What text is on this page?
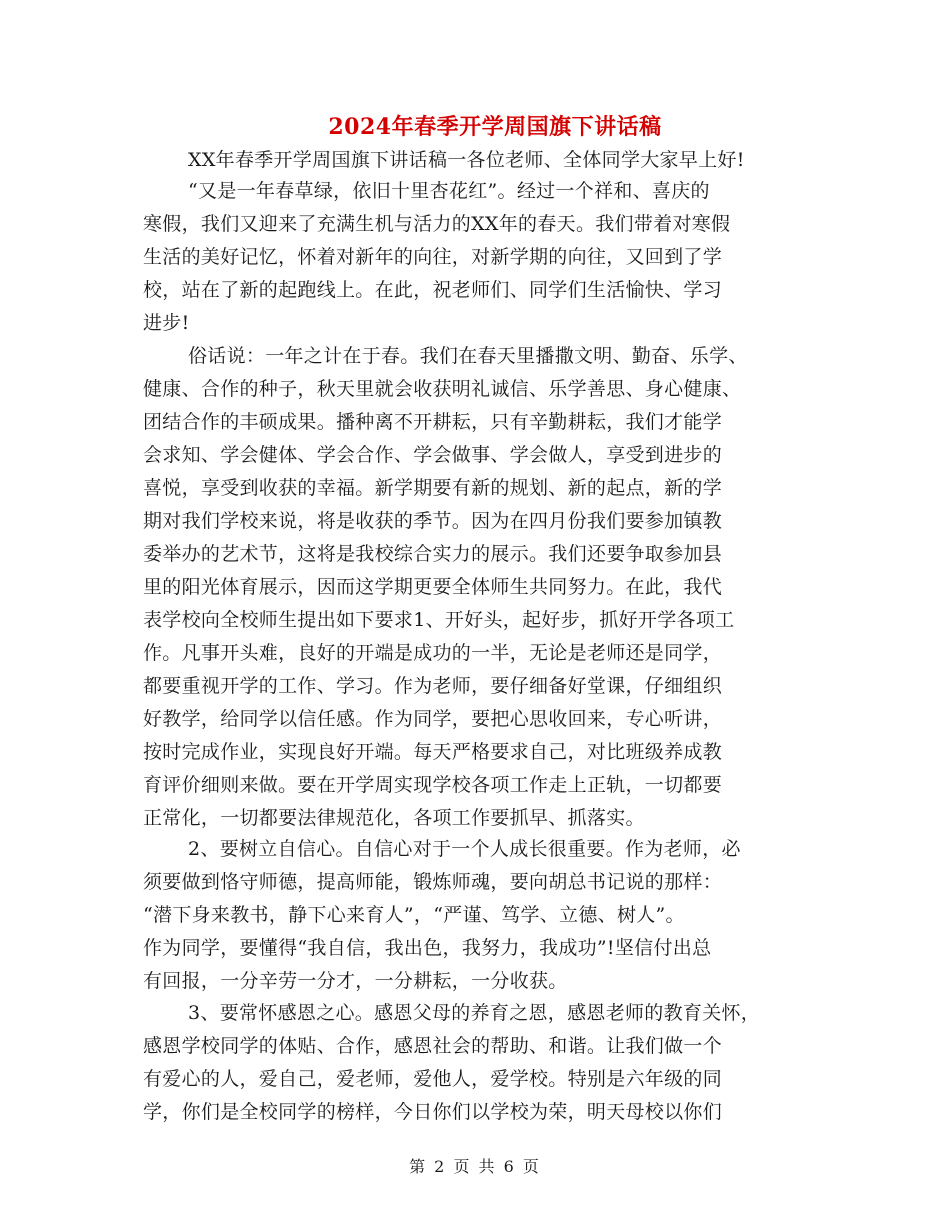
2024年春季开学周国旗下讲话稿
XX年春季开学周国旗下讲话稿一各位老师、全体同学大家早上好!
“又是一年春草绿，依旧十里杏花红”。经过一个祥和、喜庆的
寒假，我们又迎来了充满生机与活力的XX年的春天。我们带着对寒假
生活的美好记忆，怀着对新年的向往，对新学期的向往，又回到了学
校，站在了新的起跑线上。在此，祝老师们、同学们生活愉快、学习
进步!
俗话说：一年之计在于春。我们在春天里播撒文明、勤奋、乐学、
健康、合作的种子，秋天里就会收获明礼诚信、乐学善思、身心健康、
团结合作的丰硕成果。播种离不开耕耘，只有辛勤耕耘，我们才能学
会求知、学会健体、学会合作、学会做事、学会做人，享受到进步的
喜悦，享受到收获的幸福。新学期要有新的规划、新的起点，新的学
期对我们学校来说，将是收获的季节。因为在四月份我们要参加镇教
委举办的艺术节，这将是我校综合实力的展示。我们还要争取参加县
里的阳光体育展示，因而这学期更要全体师生共同努力。在此，我代
表学校向全校师生提出如下要求1、开好头，起好步，抓好开学各项工
作。凡事开头难，良好的开端是成功的一半，无论是老师还是同学，
都要重视开学的工作、学习。作为老师，要仔细备好堂课，仔细组织
好教学，给同学以信任感。作为同学，要把心思收回来，专心听讲，
按时完成作业，实现良好开端。每天严格要求自己，对比班级养成教
育评价细则来做。要在开学周实现学校各项工作走上正轨，一切都要
正常化，一切都要法律规范化，各项工作要抓早、抓落实。
2、要树立自信心。自信心对于一个人成长很重要。作为老师，必
须要做到恪守师德，提高师能，锻炼师魂，要向胡总书记说的那样：
“潜下身来教书，静下心来育人”，“严谨、笃学、立德、树人”。
作为同学，要懂得“我自信，我出色，我努力，我成功”!坚信付出总
有回报，一分辛劳一分才，一分耕耘，一分收获。
3、要常怀感恩之心。感恩父母的养育之恩，感恩老师的教育关怀，
感恩学校同学的体贴、合作，感恩社会的帮助、和谐。让我们做一个
有爱心的人，爱自己，爱老师，爱他人，爱学校。特别是六年级的同
学，你们是全校同学的榜样，今日你们以学校为荣，明天母校以你们
第 2 页 共 6 页
